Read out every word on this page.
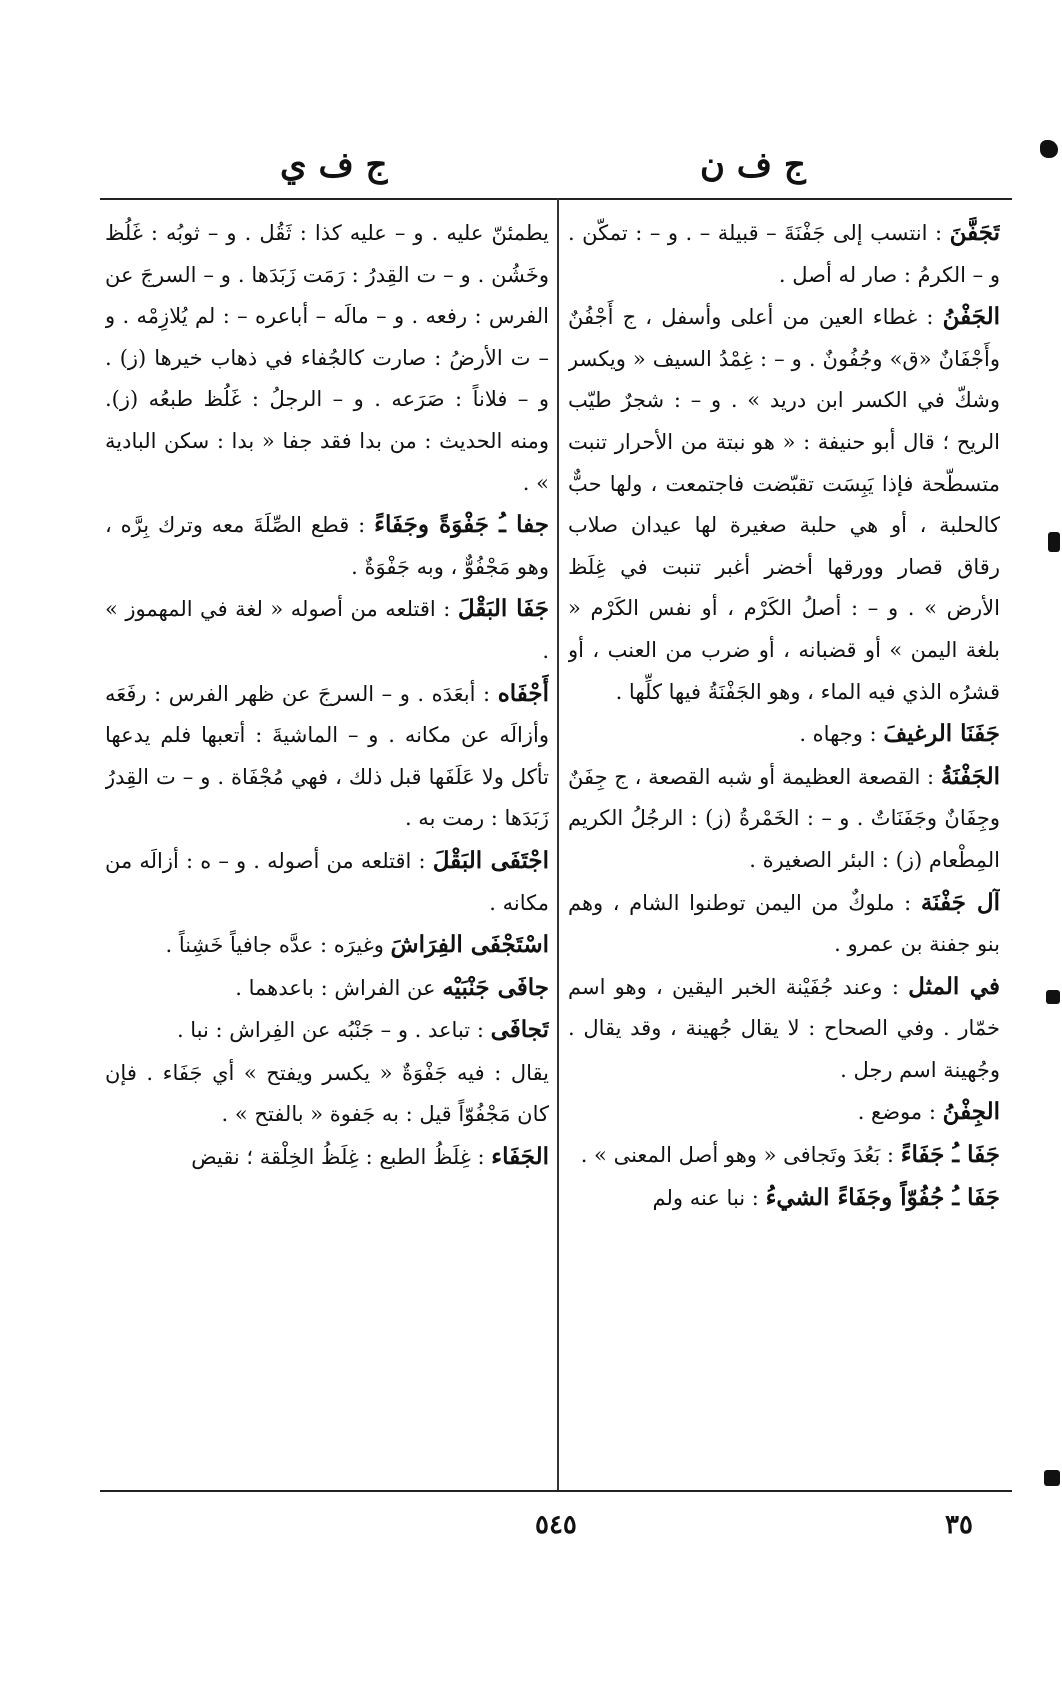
ج ف ن
ج ف ي

تَجَفَّنَ : انتسب إلى جَفْنَةَ – قبيلة – . و – : تمكّن . و – الكرمُ : صار له أصل .

الجَفْنُ : غطاء العين من أعلى وأسفل ، ج أَجْفُنٌ وأَجْفَانٌ «ق» وجُفُونٌ . و – : غِمْدُ السيف « ويكسر وشكّ في الكسر ابن دريد » . و – : شجرٌ طيّب الريح ؛ قال أبو حنيفة : « هو نبتة من الأحرار تنبت متسطّحة فإذا يَبِسَت تقبّضت فاجتمعت ، ولها حبٌّ كالحلبة ، أو هي حلبة صغيرة لها عيدان صلاب رقاق قصار وورقها أخضر أغبر تنبت في غِلَظ الأرض » . و – : أصلُ الكَرْم ، أو نفس الكَرْم « بلغة اليمن » أو قضبانه ، أو ضرب من العنب ، أو قشرُه الذي فيه الماء ، وهو الجَفْنَةُ فيها كلِّها .

جَفَنَا الرغيفَ : وجهاه .

الجَفْنَةُ : القصعة العظيمة أو شبه القصعة ، ج جِفَنٌ وجِفَانٌ وجَفَنَاتٌ . و – : الخَمْرةُ (ز) : الرجُلُ الكريم المِطْعام (ز) : البئر الصغيرة .

آل جَفْنَة : ملوكٌ من اليمن توطنوا الشام ، وهم بنو جفنة بن عمرو .

في المثل : وعند جُفَيْنة الخبر اليقين ، وهو اسم خمّار . وفي الصحاح : لا يقال جُهينة ، وقد يقال . وجُهينة اسم رجل .

الجِفْنُ : موضع .

جَفَا ـُ جَفَاءً : بَعُدَ وتَجافى « وهو أصل المعنى » .

جَفَا ـُ جُفُوّاً وجَفَاءً الشيءُ : نبا عنه ولم

يطمئنّ عليه . و – عليه كذا : ثَقُل . و – ثوبُه : غَلُظ وخَشُن . و – ت القِدرُ : رَمَت زَبَدَها . و – السرجَ عن الفرس : رفعه . و – مالَه – أباعره – : لم يُلازِمْه . و – ت الأرضُ : صارت كالجُفاء في ذهاب خيرها (ز) . و – فلاناً : صَرَعه . و – الرجلُ : غَلُظ طبعُه (ز). ومنه الحديث : من بدا فقد جفا « بدا : سكن البادية » .

جفا ـُ جَفْوَةً وجَفَاءً : قطع الصِّلَةَ معه وترك بِرَّه ، وهو مَجْفُوٌّ ، وبه جَفْوَةٌ .

جَفَا البَقْلَ : اقتلعه من أصوله « لغة في المهموز » .

أَجْفَاه : أبعَدَه . و – السرجَ عن ظهر الفرس : رفَعَه وأزالَه عن مكانه . و – الماشيةَ : أتعبها فلم يدعها تأكل ولا عَلَفَها قبل ذلك ، فهي مُجْفَاة . و – ت القِدرُ زَبَدَها : رمت به .

اجْتَفَى البَقْلَ : اقتلعه من أصوله . و – ه : أزالَه من مكانه .

اسْتَجْفَى الفِرَاشَ وغيرَه : عدَّه جافياً خَشِناً .

جافَى جَنْبَيْه عن الفراش : باعدهما .

تَجافَى : تباعد . و – جَنْبُه عن الفِراش : نبا .

يقال : فيه جَفْوَةٌ « يكسر ويفتح » أي جَفَاء . فإن كان مَجْفُوّاً قيل : به جَفوة « بالفتح » .

الجَفَاء : غِلَظُ الطبع : غِلَظُ الخِلْقة ؛ نقيض

٣٥
٥٤٥
